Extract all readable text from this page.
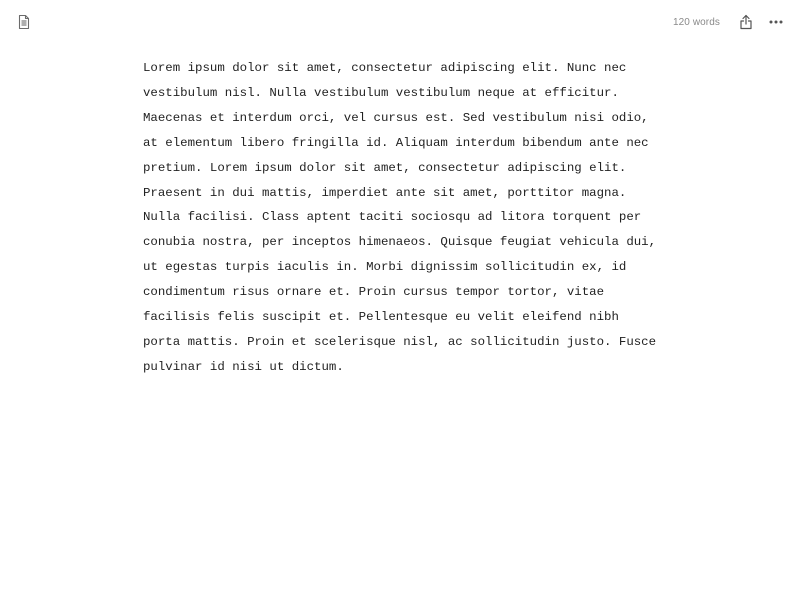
120 words
Lorem ipsum dolor sit amet, consectetur adipiscing elit. Nunc nec vestibulum nisl. Nulla vestibulum vestibulum neque at efficitur. Maecenas et interdum orci, vel cursus est. Sed vestibulum nisi odio, at elementum libero fringilla id. Aliquam interdum bibendum ante nec pretium. Lorem ipsum dolor sit amet, consectetur adipiscing elit. Praesent in dui mattis, imperdiet ante sit amet, porttitor magna. Nulla facilisi. Class aptent taciti sociosqu ad litora torquent per conubia nostra, per inceptos himenaeos. Quisque feugiat vehicula dui, ut egestas turpis iaculis in. Morbi dignissim sollicitudin ex, id condimentum risus ornare et. Proin cursus tempor tortor, vitae facilisis felis suscipit et. Pellentesque eu velit eleifend nibh porta mattis. Proin et scelerisque nisl, ac sollicitudin justo. Fusce pulvinar id nisi ut dictum.
